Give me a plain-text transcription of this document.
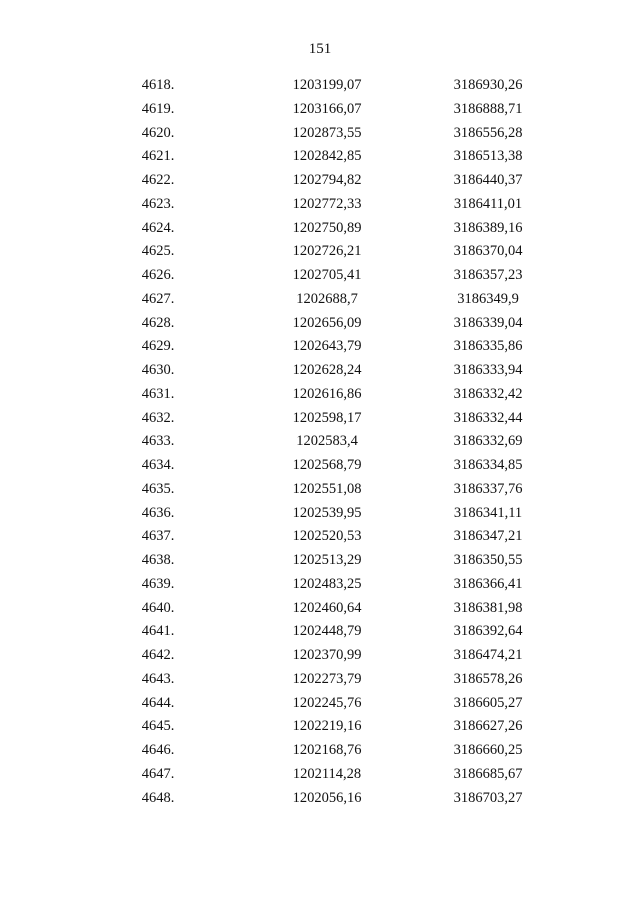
151
4618.	1203199,07	3186930,26
4619.	1203166,07	3186888,71
4620.	1202873,55	3186556,28
4621.	1202842,85	3186513,38
4622.	1202794,82	3186440,37
4623.	1202772,33	3186411,01
4624.	1202750,89	3186389,16
4625.	1202726,21	3186370,04
4626.	1202705,41	3186357,23
4627.	1202688,7	3186349,9
4628.	1202656,09	3186339,04
4629.	1202643,79	3186335,86
4630.	1202628,24	3186333,94
4631.	1202616,86	3186332,42
4632.	1202598,17	3186332,44
4633.	1202583,4	3186332,69
4634.	1202568,79	3186334,85
4635.	1202551,08	3186337,76
4636.	1202539,95	3186341,11
4637.	1202520,53	3186347,21
4638.	1202513,29	3186350,55
4639.	1202483,25	3186366,41
4640.	1202460,64	3186381,98
4641.	1202448,79	3186392,64
4642.	1202370,99	3186474,21
4643.	1202273,79	3186578,26
4644.	1202245,76	3186605,27
4645.	1202219,16	3186627,26
4646.	1202168,76	3186660,25
4647.	1202114,28	3186685,67
4648.	1202056,16	3186703,27
